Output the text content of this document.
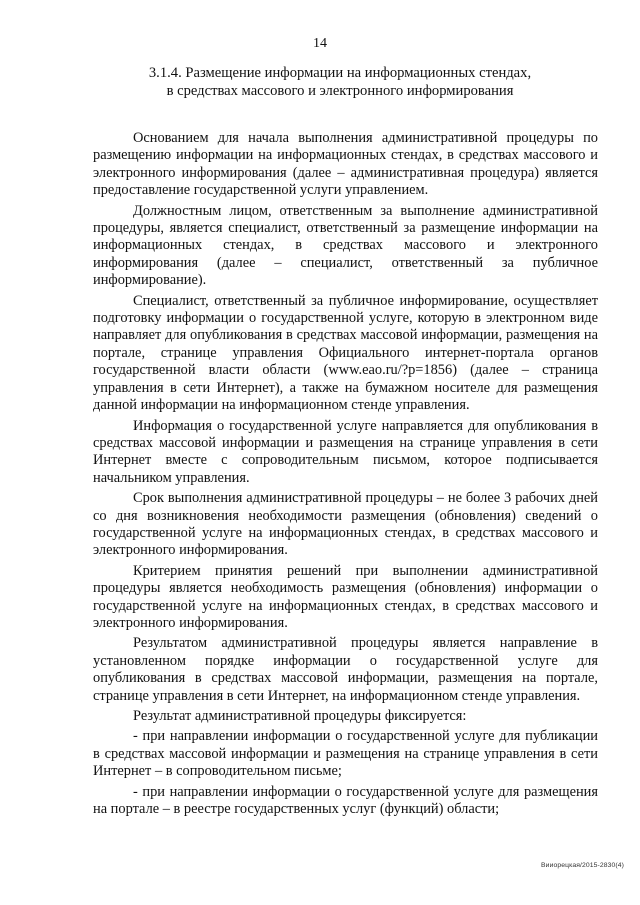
14
3.1.4. Размещение информации на информационных стендах,
в средствах массового и электронного информирования

Основанием для начала выполнения административной процедуры по размещению информации на информационных стендах, в средствах массового и электронного информирования (далее – административная процедура) является предоставление государственной услуги управлением.

Должностным лицом, ответственным за выполнение административной процедуры, является специалист, ответственный за размещение информации на информационных стендах, в средствах массового и электронного информирования (далее – специалист, ответственный за публичное информирование).

Специалист, ответственный за публичное информирование, осуществляет подготовку информации о государственной услуге, которую в электронном виде направляет для опубликования в средствах массовой информации, размещения на портале, странице управления Официального интернет-портала органов государственной власти области (www.eao.ru/?p=1856) (далее – страница управления в сети Интернет), а также на бумажном носителе для размещения данной информации на информационном стенде управления.

Информация о государственной услуге направляется для опубликования в средствах массовой информации и размещения на странице управления в сети Интернет вместе с сопроводительным письмом, которое подписывается начальником управления.

Срок выполнения административной процедуры – не более 3 рабочих дней со дня возникновения необходимости размещения (обновления) сведений о государственной услуге на информационных стендах, в средствах массового и электронного информирования.

Критерием принятия решений при выполнении административной процедуры является необходимость размещения (обновления) информации о государственной услуге на информационных стендах, в средствах массового и электронного информирования.

Результатом административной процедуры является направление в установленном порядке информации о государственной услуге для опубликования в средствах массовой информации, размещения на портале, странице управления в сети Интернет, на информационном стенде управления.

Результат административной процедуры фиксируется:

- при направлении информации о государственной услуге для публикации в средствах массовой информации и размещения на странице управления в сети Интернет – в сопроводительном письме;

- при направлении информации о государственной услуге для размещения на портале – в реестре государственных услуг (функций) области;

Вииорецкая/2015-2830(4)
